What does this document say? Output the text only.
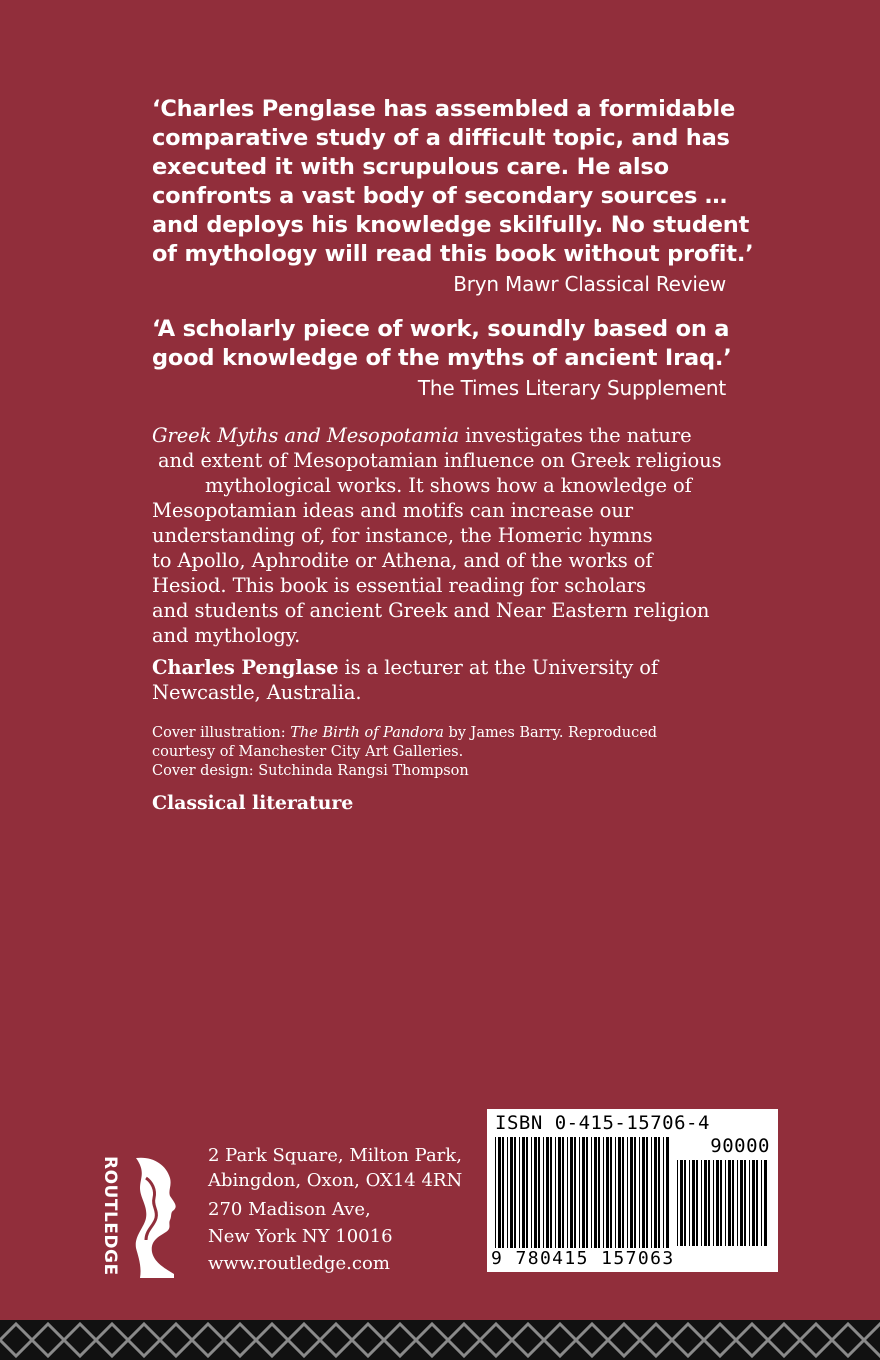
‘Charles Penglase has assembled a formidable
comparative study of a difficult topic, and has
executed it with scrupulous care. He also
confronts a vast body of secondary sources …
and deploys his knowledge skilfully. No student
of mythology will read this book without profit.’
Bryn Mawr Classical Review
‘A scholarly piece of work, soundly based on a
good knowledge of the myths of ancient Iraq.’
The Times Literary Supplement
Greek Myths and Mesopotamia investigates the nature
and extent of Mesopotamian influence on Greek religious
mythological works. It shows how a knowledge of
Mesopotamian ideas and motifs can increase our
understanding of, for instance, the Homeric hymns
to Apollo, Aphrodite or Athena, and of the works of
Hesiod. This book is essential reading for scholars
and students of ancient Greek and Near Eastern religion
and mythology.
Charles Penglase is a lecturer at the University of
Newcastle, Australia.
Cover illustration: The Birth of Pandora by James Barry. Reproduced
courtesy of Manchester City Art Galleries.
Cover design: Sutchinda Rangsi Thompson
Classical literature
ROUTLEDGE
2 Park Square, Milton Park,
Abingdon, Oxon, OX14 4RN
270 Madison Ave,
New York NY 10016
www.routledge.com
ISBN 0-415-15706-4
90000
9 780415 157063
